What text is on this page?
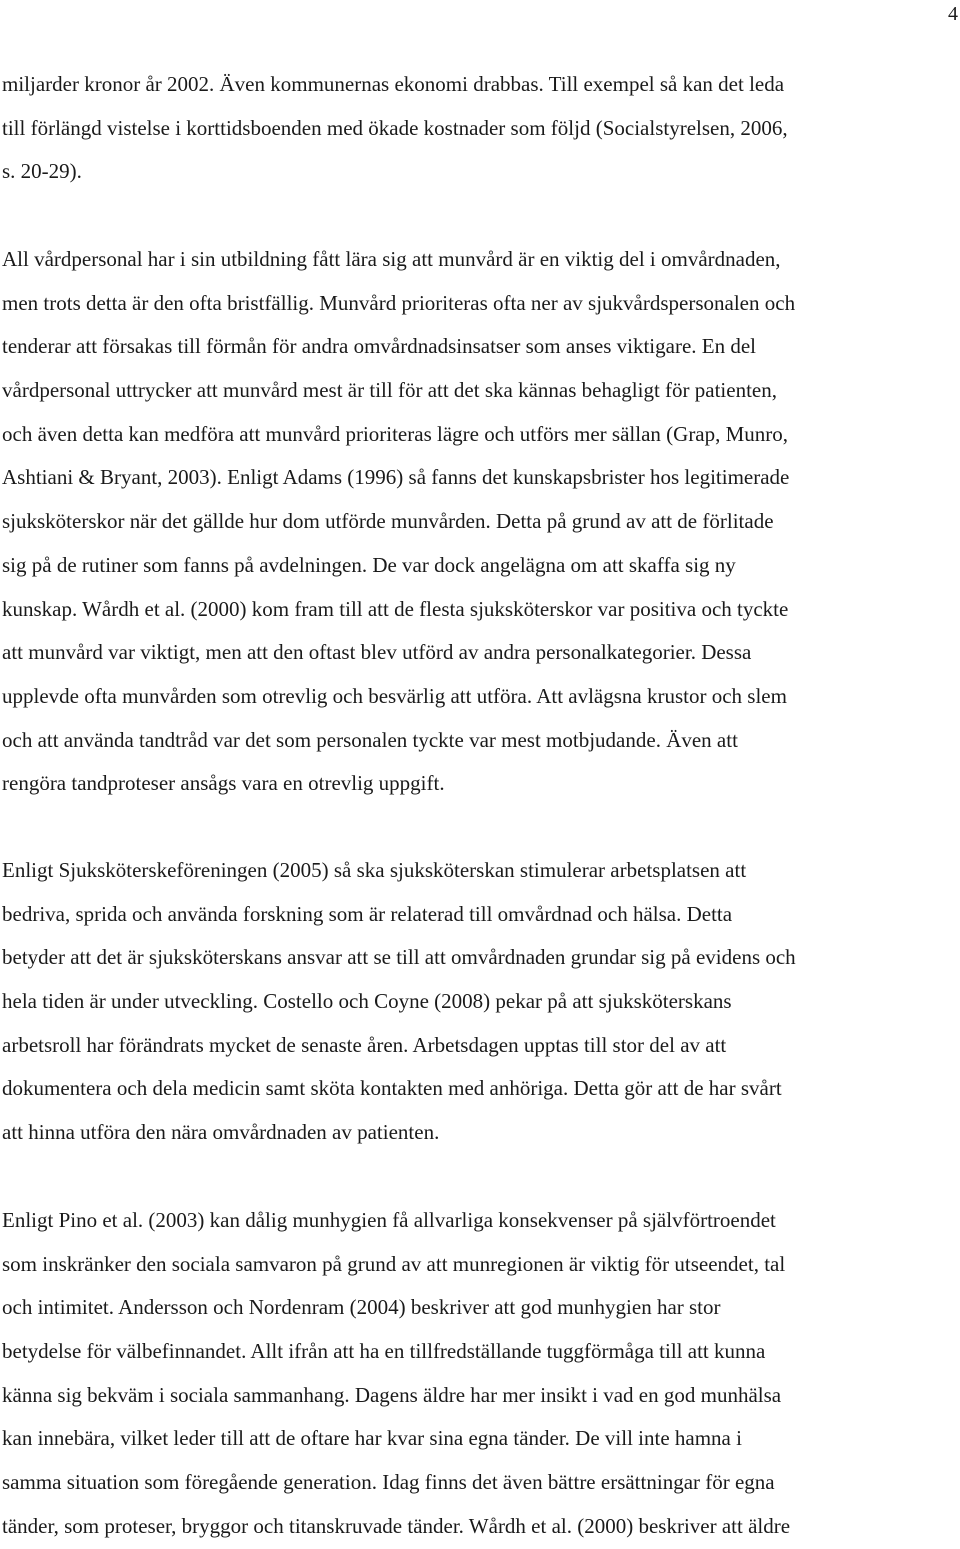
4
miljarder kronor år 2002. Även kommunernas ekonomi drabbas. Till exempel så kan det leda
till förlängd vistelse i korttidsboenden med ökade kostnader som följd (Socialstyrelsen, 2006,
s. 20-29).
All vårdpersonal har i sin utbildning fått lära sig att munvård är en viktig del i omvårdnaden,
men trots detta är den ofta bristfällig. Munvård prioriteras ofta ner av sjukvårdspersonalen och
tenderar att försakas till förmån för andra omvårdnadsinsatser som anses viktigare. En del
vårdpersonal uttrycker att munvård mest är till för att det ska kännas behagligt för patienten,
och även detta kan medföra att munvård prioriteras lägre och utförs mer sällan (Grap, Munro,
Ashtiani & Bryant, 2003). Enligt Adams (1996) så fanns det kunskapsbrister hos legitimerade
sjuksköterskor när det gällde hur dom utförde munvården. Detta på grund av att de förlitade
sig på de rutiner som fanns på avdelningen. De var dock angelägna om att skaffa sig ny
kunskap. Wårdh et al. (2000) kom fram till att de flesta sjuksköterskor var positiva och tyckte
att munvård var viktigt, men att den oftast blev utförd av andra personalkategorier. Dessa
upplevde ofta munvården som otrevlig och besvärlig att utföra. Att avlägsna krustor och slem
och att använda tandtråd var det som personalen tyckte var mest motbjudande. Även att
rengöra tandproteser ansågs vara en otrevlig uppgift.
Enligt Sjuksköterskeföreningen (2005) så ska sjuksköterskan stimulerar arbetsplatsen att
bedriva, sprida och använda forskning som är relaterad till omvårdnad och hälsa. Detta
betyder att det är sjuksköterskans ansvar att se till att omvårdnaden grundar sig på evidens och
hela tiden är under utveckling. Costello och Coyne (2008) pekar på att sjuksköterskans
arbetsroll har förändrats mycket de senaste åren. Arbetsdagen upptas till stor del av att
dokumentera och dela medicin samt sköta kontakten med anhöriga. Detta gör att de har svårt
att hinna utföra den nära omvårdnaden av patienten.
Enligt Pino et al. (2003) kan dålig munhygien få allvarliga konsekvenser på självförtroendet
som inskränker den sociala samvaron på grund av att munregionen är viktig för utseendet, tal
och intimitet. Andersson och Nordenram (2004) beskriver att god munhygien har stor
betydelse för välbefinnandet. Allt ifrån att ha en tillfredställande tuggförmåga till att kunna
känna sig bekväm i sociala sammanhang. Dagens äldre har mer insikt i vad en god munhälsa
kan innebära, vilket leder till att de oftare har kvar sina egna tänder. De vill inte hamna i
samma situation som föregående generation. Idag finns det även bättre ersättningar för egna
tänder, som proteser, bryggor och titanskruvade tänder. Wårdh et al. (2000) beskriver att äldre
